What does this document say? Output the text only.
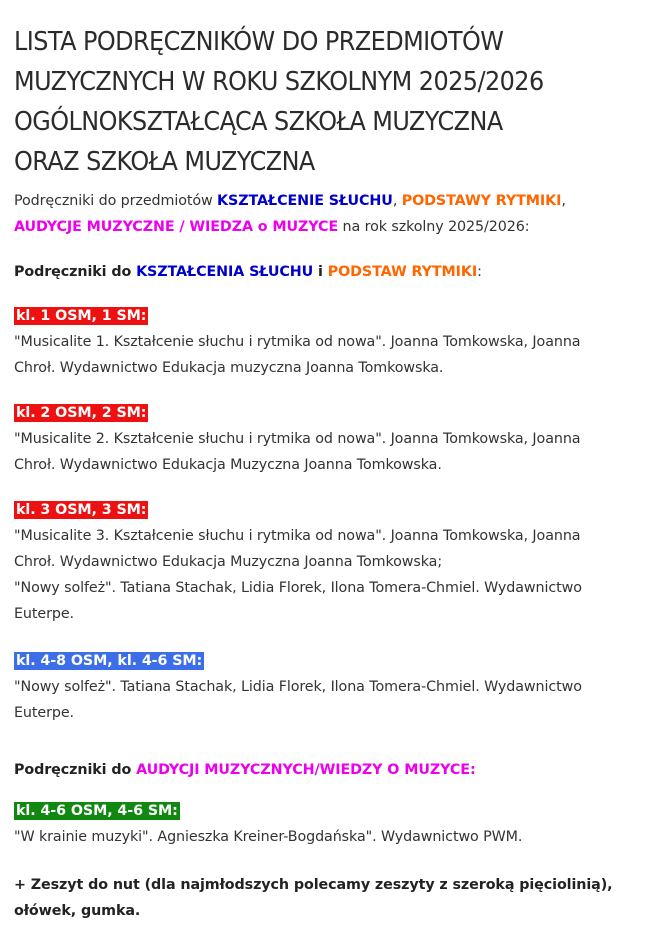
LISTA PODRĘCZNIKÓW DO PRZEDMIOTÓW
MUZYCZNYCH W ROKU SZKOLNYM 2025/2026
OGÓLNOKSZTAŁCĄCA SZKOŁA MUZYCZNA
ORAZ SZKOŁA MUZYCZNA
Podręczniki do przedmiotów KSZTAŁCENIE SŁUCHU, PODSTAWY RYTMIKI,
AUDYCJE MUZYCZNE / WIEDZA o MUZYCE na rok szkolny 2025/2026:
Podręczniki do KSZTAŁCENIA SŁUCHU i PODSTAW RYTMIKI:
kl. 1 OSM, 1 SM:
"Musicalite 1. Kształcenie słuchu i rytmika od nowa". Joanna Tomkowska, Joanna
Chroł. Wydawnictwo Edukacja muzyczna Joanna Tomkowska.
kl. 2 OSM, 2 SM:
"Musicalite 2. Kształcenie słuchu i rytmika od nowa". Joanna Tomkowska, Joanna
Chroł. Wydawnictwo Edukacja Muzyczna Joanna Tomkowska.
kl. 3 OSM, 3 SM:
"Musicalite 3. Kształcenie słuchu i rytmika od nowa". Joanna Tomkowska, Joanna
Chroł. Wydawnictwo Edukacja Muzyczna Joanna Tomkowska;
"Nowy solfeż". Tatiana Stachak, Lidia Florek, Ilona Tomera-Chmiel. Wydawnictwo
Euterpe.
kl. 4-8 OSM, kl. 4-6 SM:
"Nowy solfeż". Tatiana Stachak, Lidia Florek, Ilona Tomera-Chmiel. Wydawnictwo
Euterpe.
Podręczniki do AUDYCJI MUZYCZNYCH/WIEDZY O MUZYCE:
kl. 4-6 OSM, 4-6 SM:
"W krainie muzyki". Agnieszka Kreiner-Bogdańska". Wydawnictwo PWM.
+ Zeszyt do nut (dla najmłodszych polecamy zeszyty z szeroką pięciolinią),
ołówek, gumka.
